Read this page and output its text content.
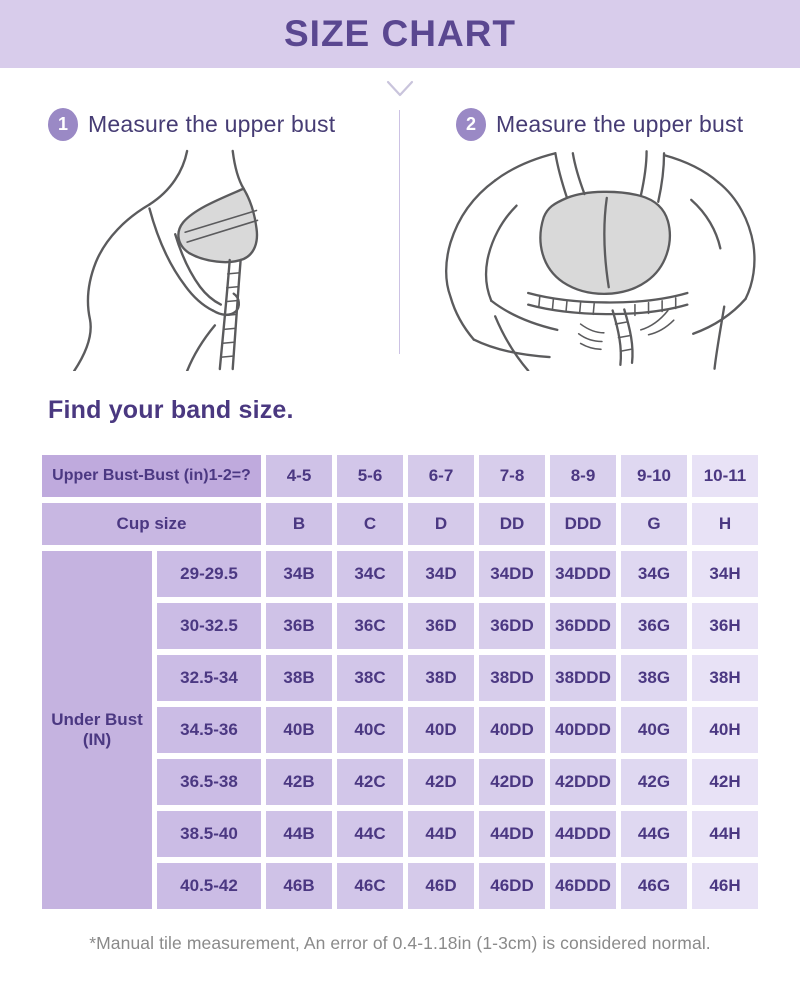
SIZE CHART
1 Measure the upper bust	2 Measure the upper bust
Find your band size.
Upper Bust-Bust (in)1-2=?	4-5	5-6	6-7	7-8	8-9	9-10	10-11
Cup size	B	C	D	DD	DDD	G	H
Under Bust
(IN)
29-29.5	34B	34C	34D	34DD	34DDD	34G	34H
30-32.5	36B	36C	36D	36DD	36DDD	36G	36H
32.5-34	38B	38C	38D	38DD	38DDD	38G	38H
34.5-36	40B	40C	40D	40DD	40DDD	40G	40H
36.5-38	42B	42C	42D	42DD	42DDD	42G	42H
38.5-40	44B	44C	44D	44DD	44DDD	44G	44H
40.5-42	46B	46C	46D	46DD	46DDD	46G	46H
*Manual tile measurement, An error of 0.4-1.18in (1-3cm) is considered normal.
